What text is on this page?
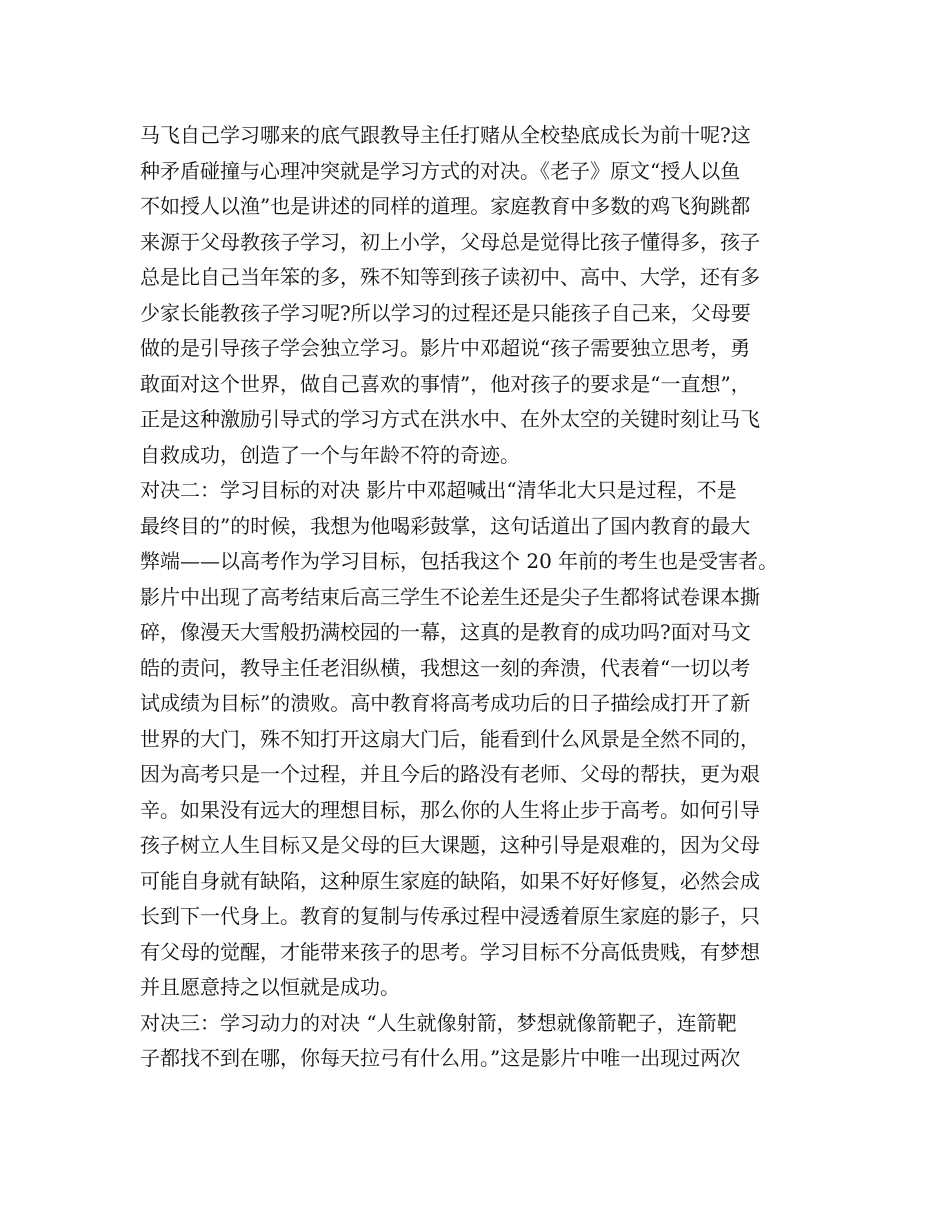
马飞自己学习哪来的底气跟教导主任打赌从全校垫底成长为前十呢?这
种矛盾碰撞与心理冲突就是学习方式的对决。《老子》原文“授人以鱼
不如授人以渔”也是讲述的同样的道理。家庭教育中多数的鸡飞狗跳都
来源于父母教孩子学习，初上小学，父母总是觉得比孩子懂得多，孩子
总是比自己当年笨的多，殊不知等到孩子读初中、高中、大学，还有多
少家长能教孩子学习呢?所以学习的过程还是只能孩子自己来，父母要
做的是引导孩子学会独立学习。影片中邓超说“孩子需要独立思考，勇
敢面对这个世界，做自己喜欢的事情”，他对孩子的要求是“一直想”，
正是这种激励引导式的学习方式在洪水中、在外太空的关键时刻让马飞
自救成功，创造了一个与年龄不符的奇迹。
对决二：学习目标的对决 影片中邓超喊出“清华北大只是过程，不是
最终目的”的时候，我想为他喝彩鼓掌，这句话道出了国内教育的最大
弊端——以高考作为学习目标，包括我这个 20 年前的考生也是受害者。
影片中出现了高考结束后高三学生不论差生还是尖子生都将试卷课本撕
碎，像漫天大雪般扔满校园的一幕，这真的是教育的成功吗?面对马文
皓的责问，教导主任老泪纵横，我想这一刻的奔溃，代表着“一切以考
试成绩为目标”的溃败。高中教育将高考成功后的日子描绘成打开了新
世界的大门，殊不知打开这扇大门后，能看到什么风景是全然不同的，
因为高考只是一个过程，并且今后的路没有老师、父母的帮扶，更为艰
辛。如果没有远大的理想目标，那么你的人生将止步于高考。如何引导
孩子树立人生目标又是父母的巨大课题，这种引导是艰难的，因为父母
可能自身就有缺陷，这种原生家庭的缺陷，如果不好好修复，必然会成
长到下一代身上。教育的复制与传承过程中浸透着原生家庭的影子，只
有父母的觉醒，才能带来孩子的思考。学习目标不分高低贵贱，有梦想
并且愿意持之以恒就是成功。
对决三：学习动力的对决 “人生就像射箭，梦想就像箭靶子，连箭靶
子都找不到在哪，你每天拉弓有什么用。”这是影片中唯一出现过两次
